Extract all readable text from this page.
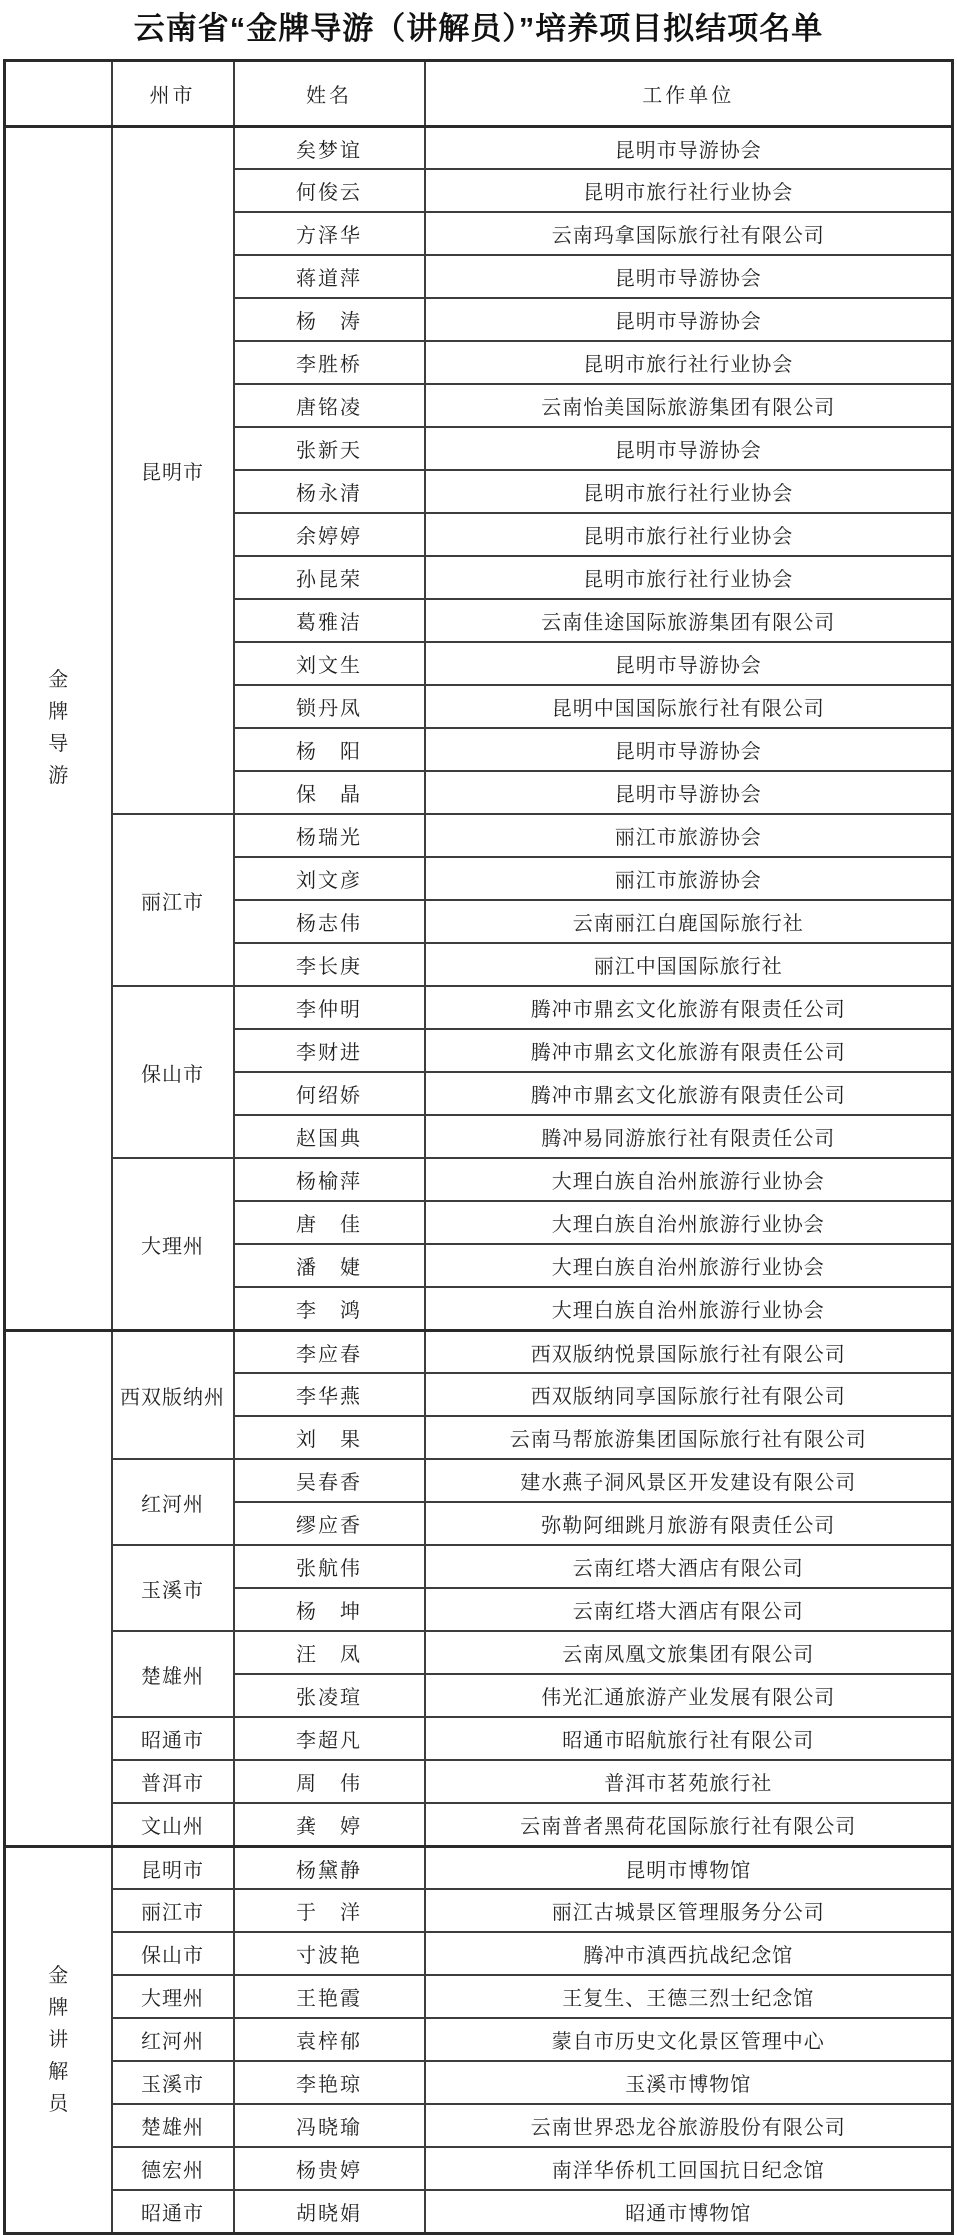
云南省“金牌导游（讲解员）”培养项目拟结项名单
	州市	姓名	工作单位

金牌导游	昆明市	矣梦谊	昆明市导游协会
		何俊云	昆明市旅行社行业协会
		方泽华	云南玛拿国际旅行社有限公司
		蒋道萍	昆明市导游协会
		杨　涛	昆明市导游协会
		李胜桥	昆明市旅行社行业协会
		唐铭凌	云南怡美国际旅游集团有限公司
		张新天	昆明市导游协会
		杨永清	昆明市旅行社行业协会
		余婷婷	昆明市旅行社行业协会
		孙昆荣	昆明市旅行社行业协会
		葛雅洁	云南佳途国际旅游集团有限公司
		刘文生	昆明市导游协会
		锁丹凤	昆明中国国际旅行社有限公司
		杨　阳	昆明市导游协会
		保　晶	昆明市导游协会
	丽江市	杨瑞光	丽江市旅游协会
		刘文彦	丽江市旅游协会
		杨志伟	云南丽江白鹿国际旅行社
		李长庚	丽江中国国际旅行社
	保山市	李仲明	腾冲市鼎玄文化旅游有限责任公司
		李财进	腾冲市鼎玄文化旅游有限责任公司
		何绍娇	腾冲市鼎玄文化旅游有限责任公司
		赵国典	腾冲易同游旅行社有限责任公司
	大理州	杨榆萍	大理白族自治州旅游行业协会
		唐　佳	大理白族自治州旅游行业协会
		潘　婕	大理白族自治州旅游行业协会
		李　鸿	大理白族自治州旅游行业协会

	西双版纳州	李应春	西双版纳悦景国际旅行社有限公司
		李华燕	西双版纳同享国际旅行社有限公司
		刘　果	云南马帮旅游集团国际旅行社有限公司
	红河州	吴春香	建水燕子洞风景区开发建设有限公司
		缪应香	弥勒阿细跳月旅游有限责任公司
	玉溪市	张航伟	云南红塔大酒店有限公司
		杨　坤	云南红塔大酒店有限公司
	楚雄州	汪　凤	云南凤凰文旅集团有限公司
		张凌瑄	伟光汇通旅游产业发展有限公司
	昭通市	李超凡	昭通市昭航旅行社有限公司
	普洱市	周　伟	普洱市茗苑旅行社
	文山州	龚　婷	云南普者黑荷花国际旅行社有限公司

金牌讲解员	昆明市	杨黛静	昆明市博物馆
	丽江市	于　洋	丽江古城景区管理服务分公司
	保山市	寸波艳	腾冲市滇西抗战纪念馆
	大理州	王艳霞	王复生、王德三烈士纪念馆
	红河州	袁梓郁	蒙自市历史文化景区管理中心
	玉溪市	李艳琼	玉溪市博物馆
	楚雄州	冯晓瑜	云南世界恐龙谷旅游股份有限公司
	德宏州	杨贵婷	南洋华侨机工回国抗日纪念馆
	昭通市	胡晓娟	昭通市博物馆
